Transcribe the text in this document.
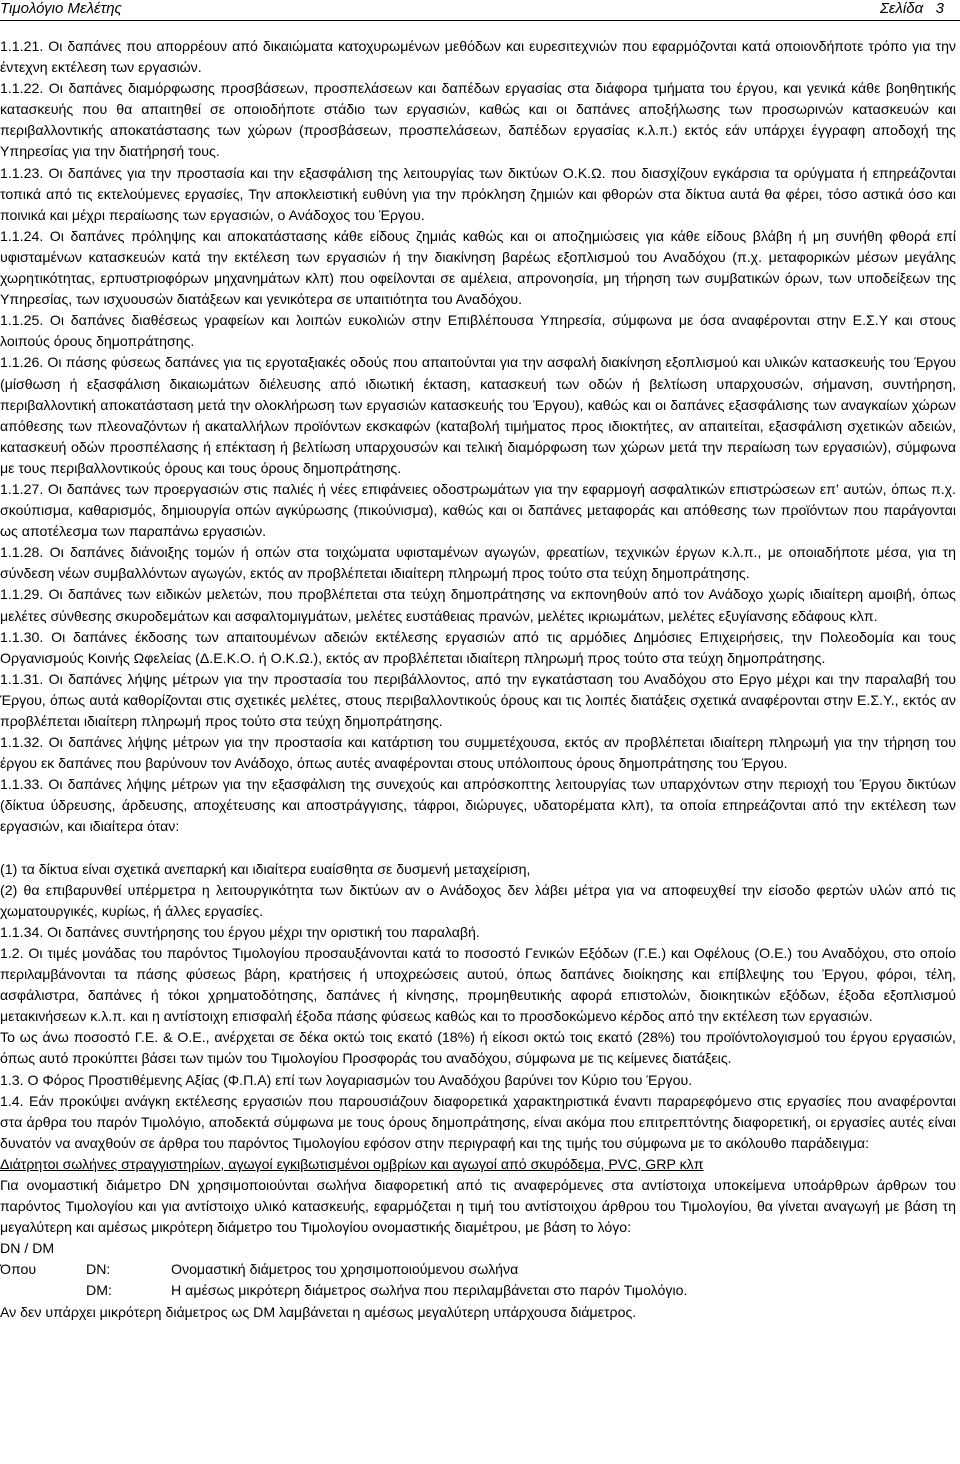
Τιμολόγιο Μελέτης	Σελίδα 3

1.1.21. Οι δαπάνες που απορρέουν από δικαιώματα κατοχυρωμένων μεθόδων και ευρεσιτεχνιών που εφαρμόζονται κατά οποιονδήποτε τρόπο για την έντεχνη εκτέλεση των εργασιών.

1.1.22. Οι δαπάνες διαμόρφωσης προσβάσεων, προσπελάσεων και δαπέδων εργασίας στα διάφορα τμήματα του έργου, και γενικά κάθε βοηθητικής κατασκευής που θα απαιτηθεί σε οποιοδήποτε στάδιο των εργασιών, καθώς και οι δαπάνες αποξήλωσης των προσωρινών κατασκευών και περιβαλλοντικής αποκατάστασης των χώρων (προσβάσεων, προσπελάσεων, δαπέδων εργασίας κ.λ.π.) εκτός εάν υπάρχει έγγραφη αποδοχή της Υπηρεσίας για την διατήρησή τους.

1.1.23. Οι δαπάνες για την προστασία και την εξασφάλιση της λειτουργίας των δικτύων Ο.Κ.Ω. που διασχίζουν εγκάρσια τα ορύγματα ή επηρεάζονται τοπικά από τις εκτελούμενες εργασίες, Την αποκλειστική ευθύνη για την πρόκληση ζημιών και φθορών στα δίκτυα αυτά θα φέρει, τόσο αστικά όσο και ποινικά και μέχρι περαίωσης των εργασιών, ο Ανάδοχος του Έργου.

1.1.24. Οι δαπάνες πρόληψης και αποκατάστασης κάθε είδους ζημιάς καθώς και οι αποζημιώσεις για κάθε είδους βλάβη ή μη συνήθη φθορά επί υφισταμένων κατασκευών κατά την εκτέλεση των εργασιών ή την διακίνηση βαρέως εξοπλισμού του Αναδόχου (π.χ. μεταφορικών μέσων μεγάλης χωρητικότητας, ερπυστριοφόρων μηχανημάτων κλπ) που οφείλονται σε αμέλεια, απρονοησία, μη τήρηση των συμβατικών όρων, των υποδείξεων της Υπηρεσίας, των ισχυουσών διατάξεων και γενικότερα σε υπαιτιότητα του Αναδόχου.

1.1.25. Οι δαπάνες διαθέσεως γραφείων και λοιπών ευκολιών στην Επιβλέπουσα Υπηρεσία, σύμφωνα με όσα αναφέρονται στην Ε.Σ.Υ και στους λοιπούς όρους δημοπράτησης.

1.1.26. Οι πάσης φύσεως δαπάνες για τις εργοταξιακές οδούς που απαιτούνται για την ασφαλή διακίνηση εξοπλισμού και υλικών κατασκευής του Έργου (μίσθωση ή εξασφάλιση δικαιωμάτων διέλευσης από ιδιωτική έκταση, κατασκευή των οδών ή βελτίωση υπαρχουσών, σήμανση, συντήρηση, περιβαλλοντική αποκατάσταση μετά την ολοκλήρωση των εργασιών κατασκευής του Έργου), καθώς και οι δαπάνες εξασφάλισης των αναγκαίων χώρων απόθεσης των πλεοναζόντων ή ακαταλλήλων προϊόντων εκσκαφών (καταβολή τιμήματος προς ιδιοκτήτες, αν απαιτείται, εξασφάλιση σχετικών αδειών, κατασκευή οδών προσπέλασης ή επέκταση ή βελτίωση υπαρχουσών και τελική διαμόρφωση των χώρων μετά την περαίωση των εργασιών), σύμφωνα με τους περιβαλλοντικούς όρους και τους όρους δημοπράτησης.

1.1.27. Οι δαπάνες των προεργασιών στις παλιές ή νέες επιφάνειες οδοστρωμάτων για την εφαρμογή ασφαλτικών επιστρώσεων επ’ αυτών, όπως π.χ. σκούπισμα, καθαρισμός, δημιουργία οπών αγκύρωσης (πικούνισμα), καθώς και οι δαπάνες μεταφοράς και απόθεσης των προϊόντων που παράγονται ως αποτέλεσμα των παραπάνω εργασιών.

1.1.28. Οι δαπάνες διάνοιξης τομών ή οπών στα τοιχώματα υφισταμένων αγωγών, φρεατίων, τεχνικών έργων κ.λ.π., με οποιαδήποτε μέσα, για τη σύνδεση νέων συμβαλλόντων αγωγών, εκτός αν προβλέπεται ιδιαίτερη πληρωμή προς τούτο στα τεύχη δημοπράτησης.

1.1.29. Οι δαπάνες των ειδικών μελετών, που προβλέπεται στα τεύχη δημοπράτησης να εκπονηθούν από τον Ανάδοχο χωρίς ιδιαίτερη αμοιβή, όπως μελέτες σύνθεσης σκυροδεμάτων και ασφαλτομιγμάτων, μελέτες ευστάθειας πρανών, μελέτες ικριωμάτων, μελέτες εξυγίανσης εδάφους κλπ.

1.1.30. Οι δαπάνες έκδοσης των απαιτουμένων αδειών εκτέλεσης εργασιών από τις αρμόδιες Δημόσιες Επιχειρήσεις, την Πολεοδομία και τους Οργανισμούς Κοινής Ωφελείας (Δ.Ε.Κ.Ο. ή Ο.Κ.Ω.), εκτός αν προβλέπεται ιδιαίτερη πληρωμή προς τούτο στα τεύχη δημοπράτησης.

1.1.31. Οι δαπάνες λήψης μέτρων για την προστασία του περιβάλλοντος, από την εγκατάσταση του Αναδόχου στο Εργο μέχρι και την παραλαβή του Έργου, όπως αυτά καθορίζονται στις σχετικές μελέτες, στους περιβαλλοντικούς όρους και τις λοιπές διατάξεις σχετικά αναφέρονται στην Ε.Σ.Υ., εκτός αν προβλέπεται ιδιαίτερη πληρωμή προς τούτο στα τεύχη δημοπράτησης.

1.1.32. Οι δαπάνες λήψης μέτρων για την προστασία και κατάρτιση του συμμετέχουσα, εκτός αν προβλέπεται ιδιαίτερη πληρωμή για την τήρηση του έργου εκ δαπάνες που βαρύνουν τον Ανάδοχο, όπως αυτές αναφέρονται στους υπόλοιπους όρους δημοπράτησης του Έργου.

1.1.33. Οι δαπάνες λήψης μέτρων για την εξασφάλιση της συνεχούς και απρόσκοπτης λειτουργίας των υπαρχόντων στην περιοχή του Έργου δικτύων (δίκτυα ύδρευσης, άρδευσης, αποχέτευσης και αποστράγγισης, τάφροι, διώρυγες, υδατορέματα κλπ), τα οποία επηρεάζονται από την εκτέλεση των εργασιών, και ιδιαίτερα όταν:

(1) τα δίκτυα είναι σχετικά ανεπαρκή και ιδιαίτερα ευαίσθητα σε δυσμενή μεταχείριση,

(2) θα επιβαρυνθεί υπέρμετρα η λειτουργικότητα των δικτύων αν ο Ανάδοχος δεν λάβει μέτρα για να αποφευχθεί την είσοδο φερτών υλών από τις χωματουργικές, κυρίως, ή άλλες εργασίες.

1.1.34. Οι δαπάνες συντήρησης του έργου μέχρι την οριστική του παραλαβή.

1.2. Οι τιμές μονάδας του παρόντος Τιμολογίου προσαυξάνονται κατά το ποσοστό Γενικών Εξόδων (Γ.Ε.) και Οφέλους (Ο.Ε.) του Αναδόχου, στο οποίο περιλαμβάνονται τα πάσης φύσεως βάρη, κρατήσεις ή υποχρεώσεις αυτού, όπως δαπάνες διοίκησης και επίβλεψης του Έργου, φόροι, τέλη, ασφάλιστρα, δαπάνες ή τόκοι χρηματοδότησης, δαπάνες ή κίνησης, προμηθευτικής αφορά επιστολών, διοικητικών εξόδων, έξοδα εξοπλισμού μετακινήσεων κ.λ.π. και η αντίστοιχη επισφαλή έξοδα πάσης φύσεως καθώς και το προσδοκώμενο κέρδος από την εκτέλεση των εργασιών.

Το ως άνω ποσοστό Γ.Ε. & Ο.Ε., ανέρχεται σε δέκα οκτώ τοις εκατό (18%) ή είκοσι οκτώ τοις εκατό (28%) του προϊόντολογισμού του έργου εργασιών, όπως αυτό προκύπτει βάσει των τιμών του Τιμολογίου Προσφοράς του αναδόχου, σύμφωνα με τις κείμενες διατάξεις.

1.3. Ο Φόρος Προστιθέμενης Αξίας (Φ.Π.Α) επί των λογαριασμών του Αναδόχου βαρύνει τον Κύριο του Έργου.

1.4. Εάν προκύψει ανάγκη εκτέλεσης εργασιών που παρουσιάζουν διαφορετικά χαρακτηριστικά έναντι παραρεφόμενο στις εργασίες που αναφέρονται στα άρθρα του παρόν Τιμολόγιο, αποδεκτά σύμφωνα με τους όρους δημοπράτησης, είναι ακόμα που επιτρεπτόντης διαφορετική, οι εργασίες αυτές είναι δυνατόν να αναχθούν σε άρθρα του παρόντος Τιμολογίου εφόσον στην περιγραφή και της τιμής του σύμφωνα με το ακόλουθο παράδειγμα:

Διάτρητοι σωλήνες στραγγιστηρίων, αγωγοί εγκιβωτισμένοι ομβρίων και αγωγοί από σκυρόδεμα, PVC, GRP κλπ

Για ονομαστική διάμετρο DN χρησιμοποιούνται σωλήνα διαφορετική από τις αναφερόμενες στα αντίστοιχα υποκείμενα υποάρθρων άρθρων του παρόντος Τιμολογίου και για αντίστοιχο υλικό κατασκευής, εφαρμόζεται η τιμή του αντίστοιχου άρθρου του Τιμολογίου, θα γίνεται αναγωγή με βάση τη μεγαλύτερη και αμέσως μικρότερη διάμετρο του Τιμολογίου ονομαστικής διαμέτρου, με βάση το λόγο:

DN / DM

Όπου	DN:	Ονομαστική διάμετρος του χρησιμοποιούμενου σωλήνα
DM:	Η αμέσως μικρότερη διάμετρος σωλήνα που περιλαμβάνεται στο παρόν Τιμολόγιο.

Αν δεν υπάρχει μικρότερη διάμετρος ως DM λαμβάνεται η αμέσως μεγαλύτερη υπάρχουσα διάμετρος.
